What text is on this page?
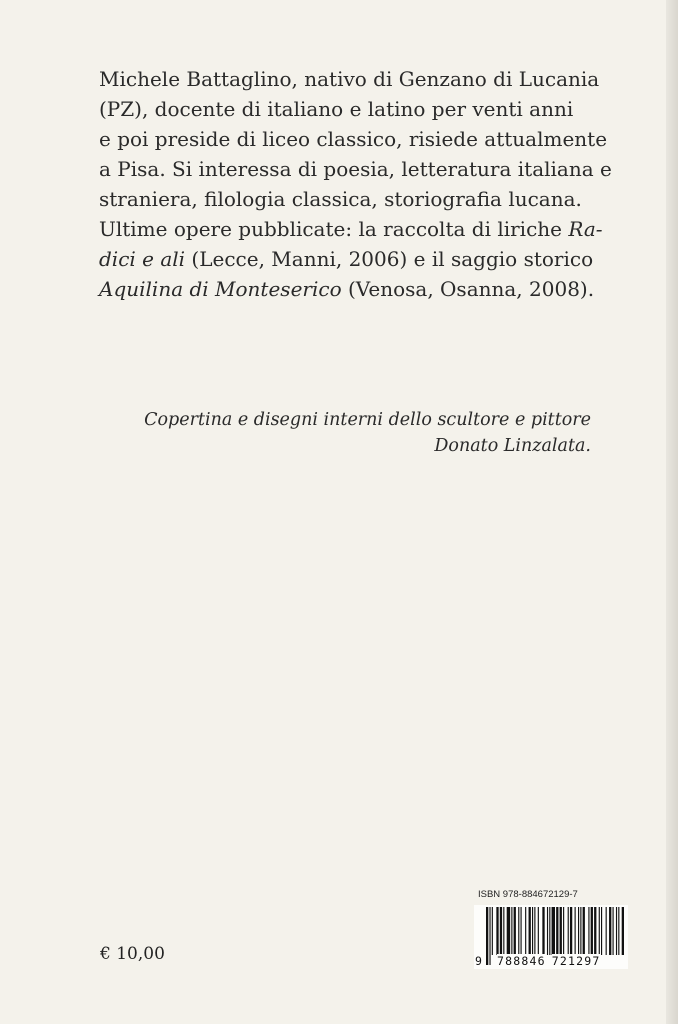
Michele Battaglino, nativo di Genzano di Lucania
(PZ), docente di italiano e latino per venti anni
e poi preside di liceo classico, risiede attualmente
a Pisa. Si interessa di poesia, letteratura italiana e
straniera, filologia classica, storiografia lucana.
Ultime opere pubblicate: la raccolta di liriche Ra-
dici e ali (Lecce, Manni, 2006) e il saggio storico
Aquilina di Monteserico (Venosa, Osanna, 2008).
Copertina e disegni interni dello scultore e pittore
Donato Linzalata.
€ 10,00
ISBN 978-884672129-7
9	788846 721297
